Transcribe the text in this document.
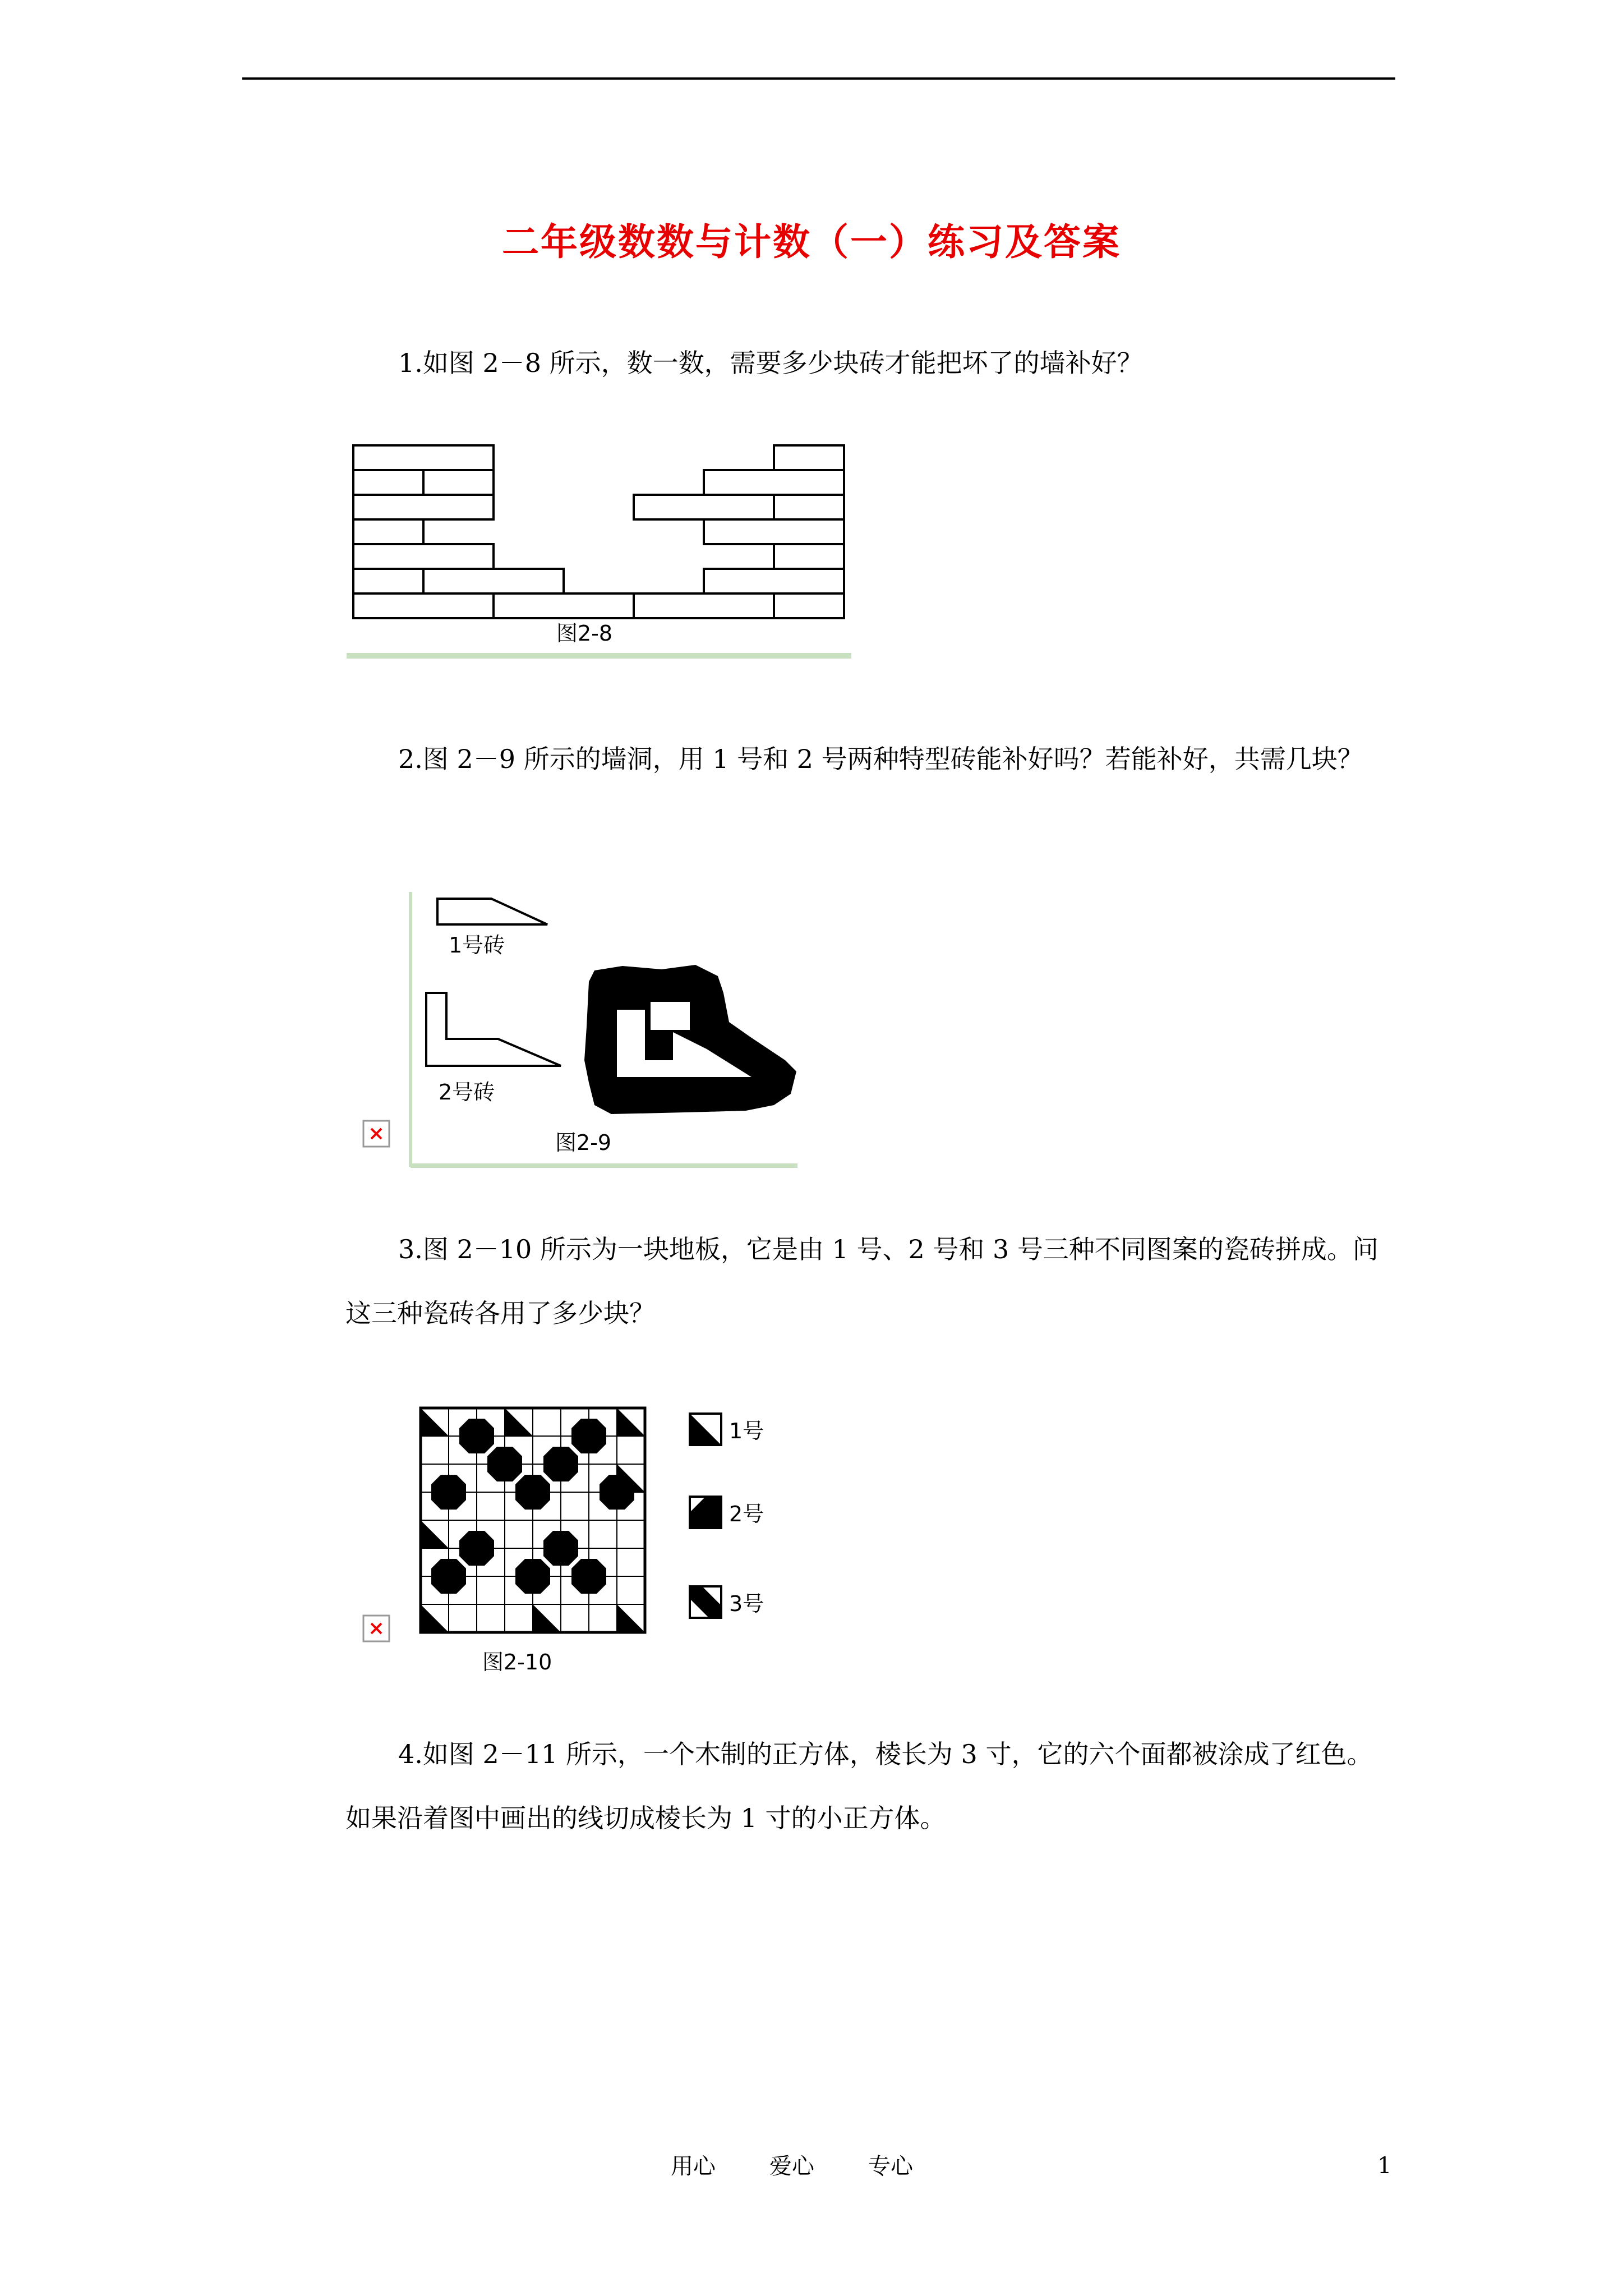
二年级数数与计数（一）练习及答案

1.如图 2－8 所示，数一数，需要多少块砖才能把坏了的墙补好？

图2-8

2.图 2－9 所示的墙洞，用 1 号和 2 号两种特型砖能补好吗？若能补好，共需几块？

1号砖
2号砖
图2-9

3.图 2－10 所示为一块地板，它是由 1 号、2 号和 3 号三种不同图案的瓷砖拼成。问这三种瓷砖各用了多少块？

图2-10
1号
2号
3号

4.如图 2－11 所示，一个木制的正方体，棱长为 3 寸，它的六个面都被涂成了红色。如果沿着图中画出的线切成棱长为 1 寸的小正方体。

用心 爱心 专心	1
